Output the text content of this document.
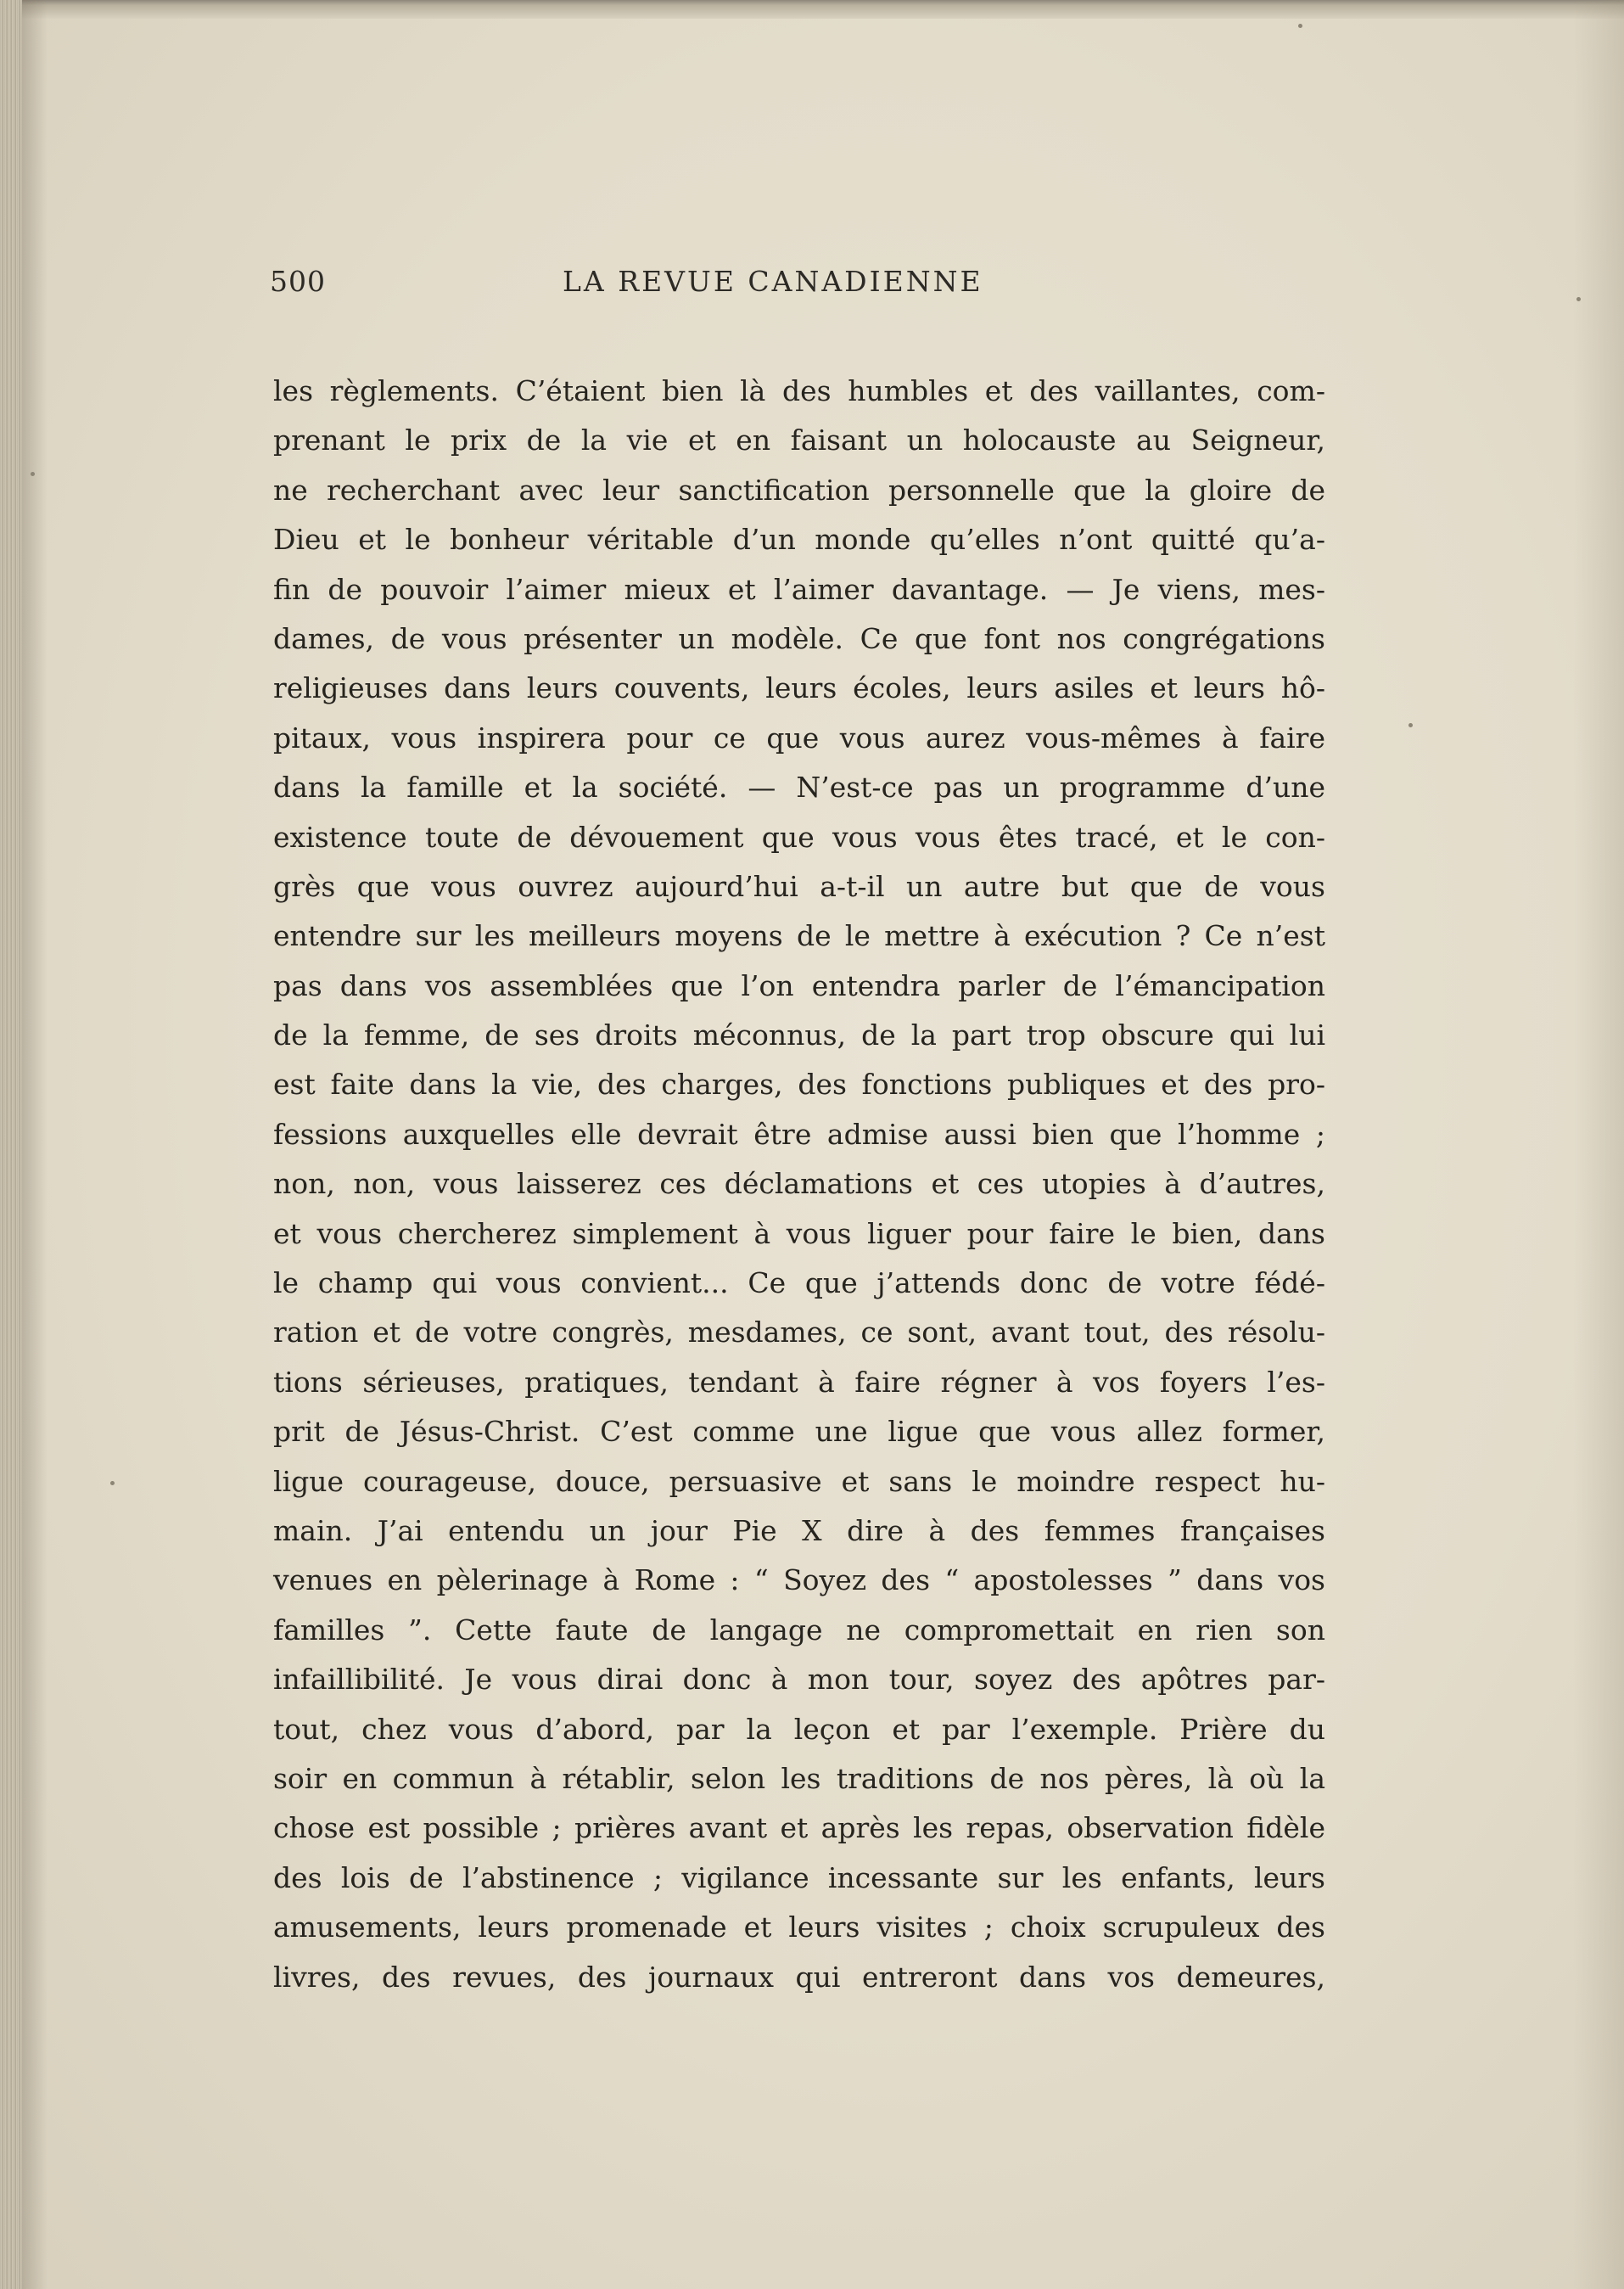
500	LA REVUE CANADIENNE
les règlements. C’étaient bien là des humbles et des vaillantes, com-
prenant le prix de la vie et en faisant un holocauste au Seigneur,
ne recherchant avec leur sanctification personnelle que la gloire de
Dieu et le bonheur véritable d’un monde qu’elles n’ont quitté qu’a-
fin de pouvoir l’aimer mieux et l’aimer davantage. — Je viens, mes-
dames, de vous présenter un modèle. Ce que font nos congrégations
religieuses dans leurs couvents, leurs écoles, leurs asiles et leurs hô-
pitaux, vous inspirera pour ce que vous aurez vous-mêmes à faire
dans la famille et la société. — N’est-ce pas un programme d’une
existence toute de dévouement que vous vous êtes tracé, et le con-
grès que vous ouvrez aujourd’hui a-t-il un autre but que de vous
entendre sur les meilleurs moyens de le mettre à exécution ? Ce n’est
pas dans vos assemblées que l’on entendra parler de l’émancipation
de la femme, de ses droits méconnus, de la part trop obscure qui lui
est faite dans la vie, des charges, des fonctions publiques et des pro-
fessions auxquelles elle devrait être admise aussi bien que l’homme ;
non, non, vous laisserez ces déclamations et ces utopies à d’autres,
et vous chercherez simplement à vous liguer pour faire le bien, dans
le champ qui vous convient... Ce que j’attends donc de votre fédé-
ration et de votre congrès, mesdames, ce sont, avant tout, des résolu-
tions sérieuses, pratiques, tendant à faire régner à vos foyers l’es-
prit de Jésus-Christ. C’est comme une ligue que vous allez former,
ligue courageuse, douce, persuasive et sans le moindre respect hu-
main. J’ai entendu un jour Pie X dire à des femmes françaises
venues en pèlerinage à Rome : “ Soyez des “ apostolesses ” dans vos
familles ”. Cette faute de langage ne compromettait en rien son
infaillibilité. Je vous dirai donc à mon tour, soyez des apôtres par-
tout, chez vous d’abord, par la leçon et par l’exemple. Prière du
soir en commun à rétablir, selon les traditions de nos pères, là où la
chose est possible ; prières avant et après les repas, observation fidèle
des lois de l’abstinence ; vigilance incessante sur les enfants, leurs
amusements, leurs promenade et leurs visites ; choix scrupuleux des
livres, des revues, des journaux qui entreront dans vos demeures,
